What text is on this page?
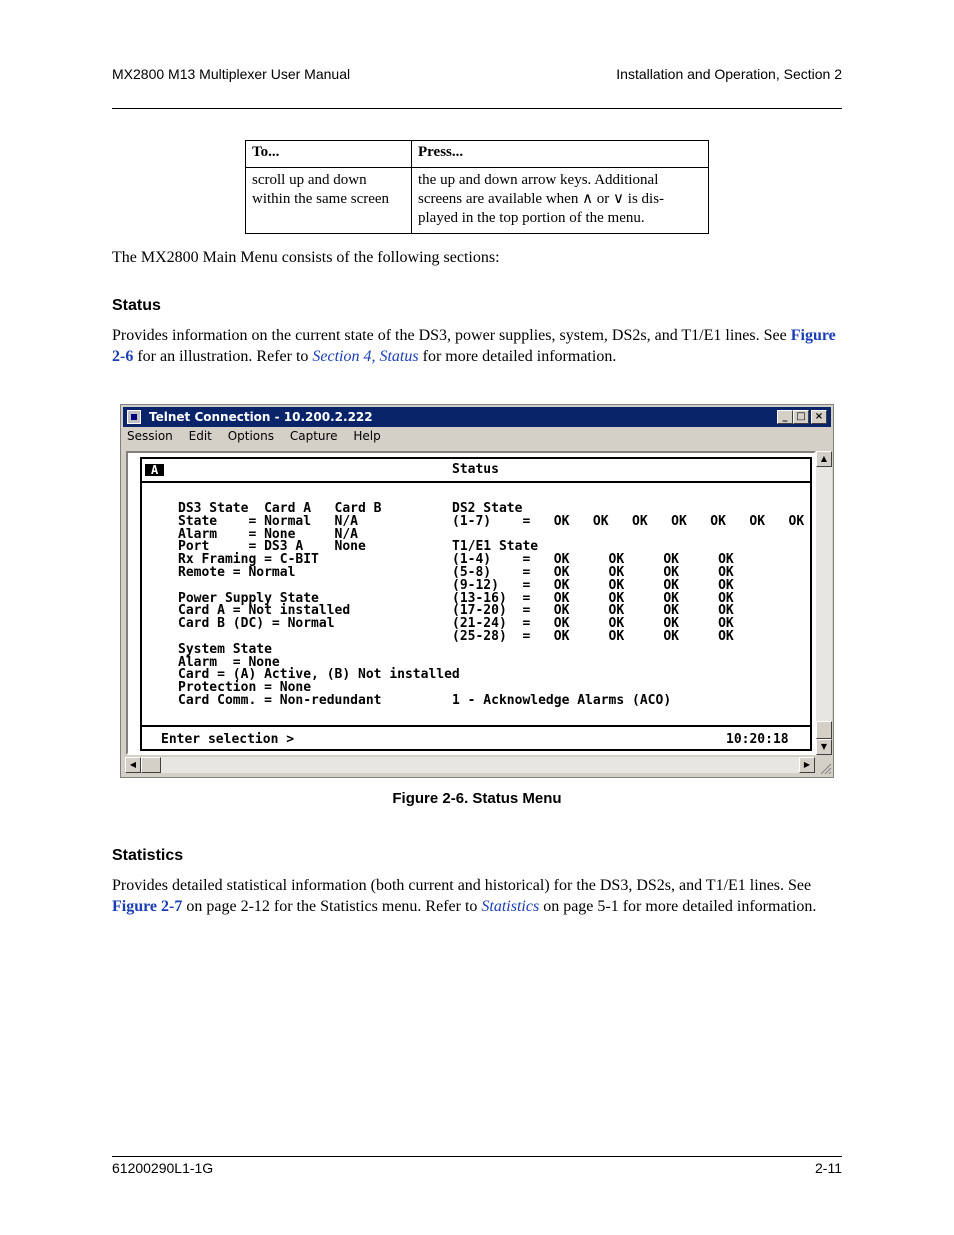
MX2800 M13 Multiplexer User Manual	Installation and Operation, Section 2
To...	Press...
scroll up and down within the same screen	the up and down arrow keys. Additional screens are available when ∧ or ∨ is dis-played in the top portion of the menu.
The MX2800 Main Menu consists of the following sections:
Status
Provides information on the current state of the DS3, power supplies, system, DS2s, and T1/E1 lines. See Figure 2-6 for an illustration. Refer to Section 4, Status for more detailed information.
Telnet Connection - 10.200.2.222	_ □ ×
Session Edit Options Capture Help
A	Status
DS3 State  Card A   Card B
State    = Normal   N/A
Alarm    = None     N/A
Port     = DS3 A    None
Rx Framing = C-BIT
Remote = Normal

Power Supply State
Card A = Not installed
Card B (DC) = Normal

System State
Alarm  = None
Card = (A) Active, (B) Not installed
Protection = None
Card Comm. = Non-redundant
DS2 State
(1-7)    =   OK   OK   OK   OK   OK   OK   OK

T1/E1 State
(1-4)    =   OK     OK     OK     OK
(5-8)    =   OK     OK     OK     OK
(9-12)   =   OK     OK     OK     OK
(13-16)  =   OK     OK     OK     OK
(17-20)  =   OK     OK     OK     OK
(21-24)  =   OK     OK     OK     OK
(25-28)  =   OK     OK     OK     OK

1 - Acknowledge Alarms (ACO)
Enter selection >	10:20:18
▲
▼
◀	▶
Figure 2-6. Status Menu
Statistics
Provides detailed statistical information (both current and historical) for the DS3, DS2s, and T1/E1 lines. See Figure 2-7 on page 2-12 for the Statistics menu. Refer to Statistics on page 5-1 for more detailed information.
61200290L1-1G	2-11
